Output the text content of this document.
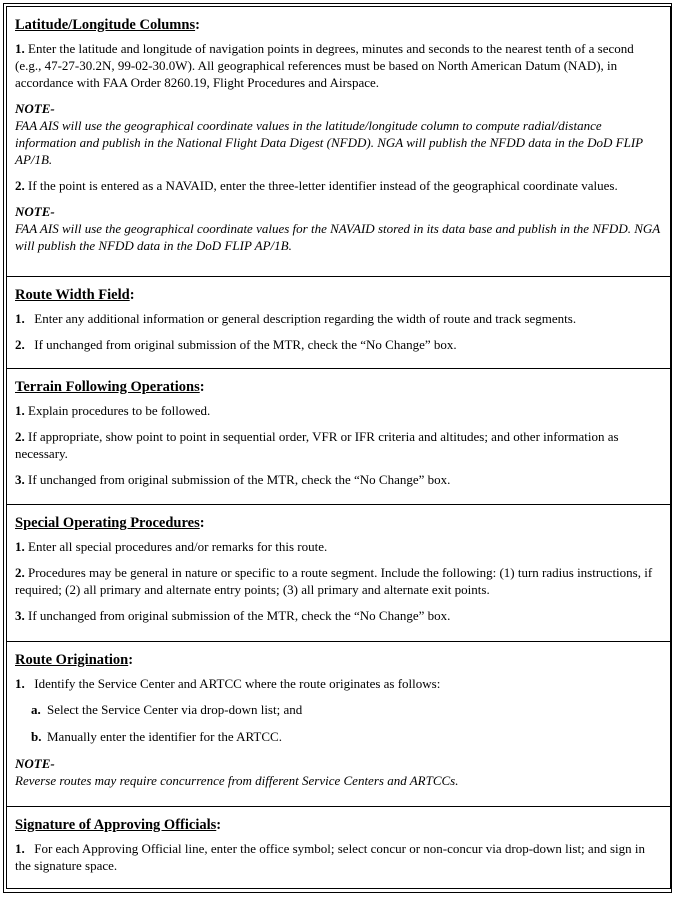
Latitude/Longitude Columns:

1. Enter the latitude and longitude of navigation points in degrees, minutes and seconds to the nearest tenth of a second (e.g., 47-27-30.2N, 99-02-30.0W). All geographical references must be based on North American Datum (NAD), in accordance with FAA Order 8260.19, Flight Procedures and Airspace.

NOTE-

FAA AIS will use the geographical coordinate values in the latitude/longitude column to compute radial/distance information and publish in the National Flight Data Digest (NFDD). NGA will publish the NFDD data in the DoD FLIP AP/1B.

2. If the point is entered as a NAVAID, enter the three-letter identifier instead of the geographical coordinate values.

NOTE-

FAA AIS will use the geographical coordinate values for the NAVAID stored in its data base and publish in the NFDD. NGA will publish the NFDD data in the DoD FLIP AP/1B.

Route Width Field:

1. Enter any additional information or general description regarding the width of route and track segments.

2. If unchanged from original submission of the MTR, check the “No Change” box.

Terrain Following Operations:

1. Explain procedures to be followed.

2. If appropriate, show point to point in sequential order, VFR or IFR criteria and altitudes; and other information as necessary.

3. If unchanged from original submission of the MTR, check the “No Change” box.

Special Operating Procedures:

1. Enter all special procedures and/or remarks for this route.

2. Procedures may be general in nature or specific to a route segment. Include the following: (1) turn radius instructions, if required; (2) all primary and alternate entry points; (3) all primary and alternate exit points.

3. If unchanged from original submission of the MTR, check the “No Change” box.

Route Origination:

1. Identify the Service Center and ARTCC where the route originates as follows:

a. Select the Service Center via drop-down list; and

b. Manually enter the identifier for the ARTCC.

NOTE-

Reverse routes may require concurrence from different Service Centers and ARTCCs.

Signature of Approving Officials:

1. For each Approving Official line, enter the office symbol; select concur or non-concur via drop-down list; and sign in the signature space.
